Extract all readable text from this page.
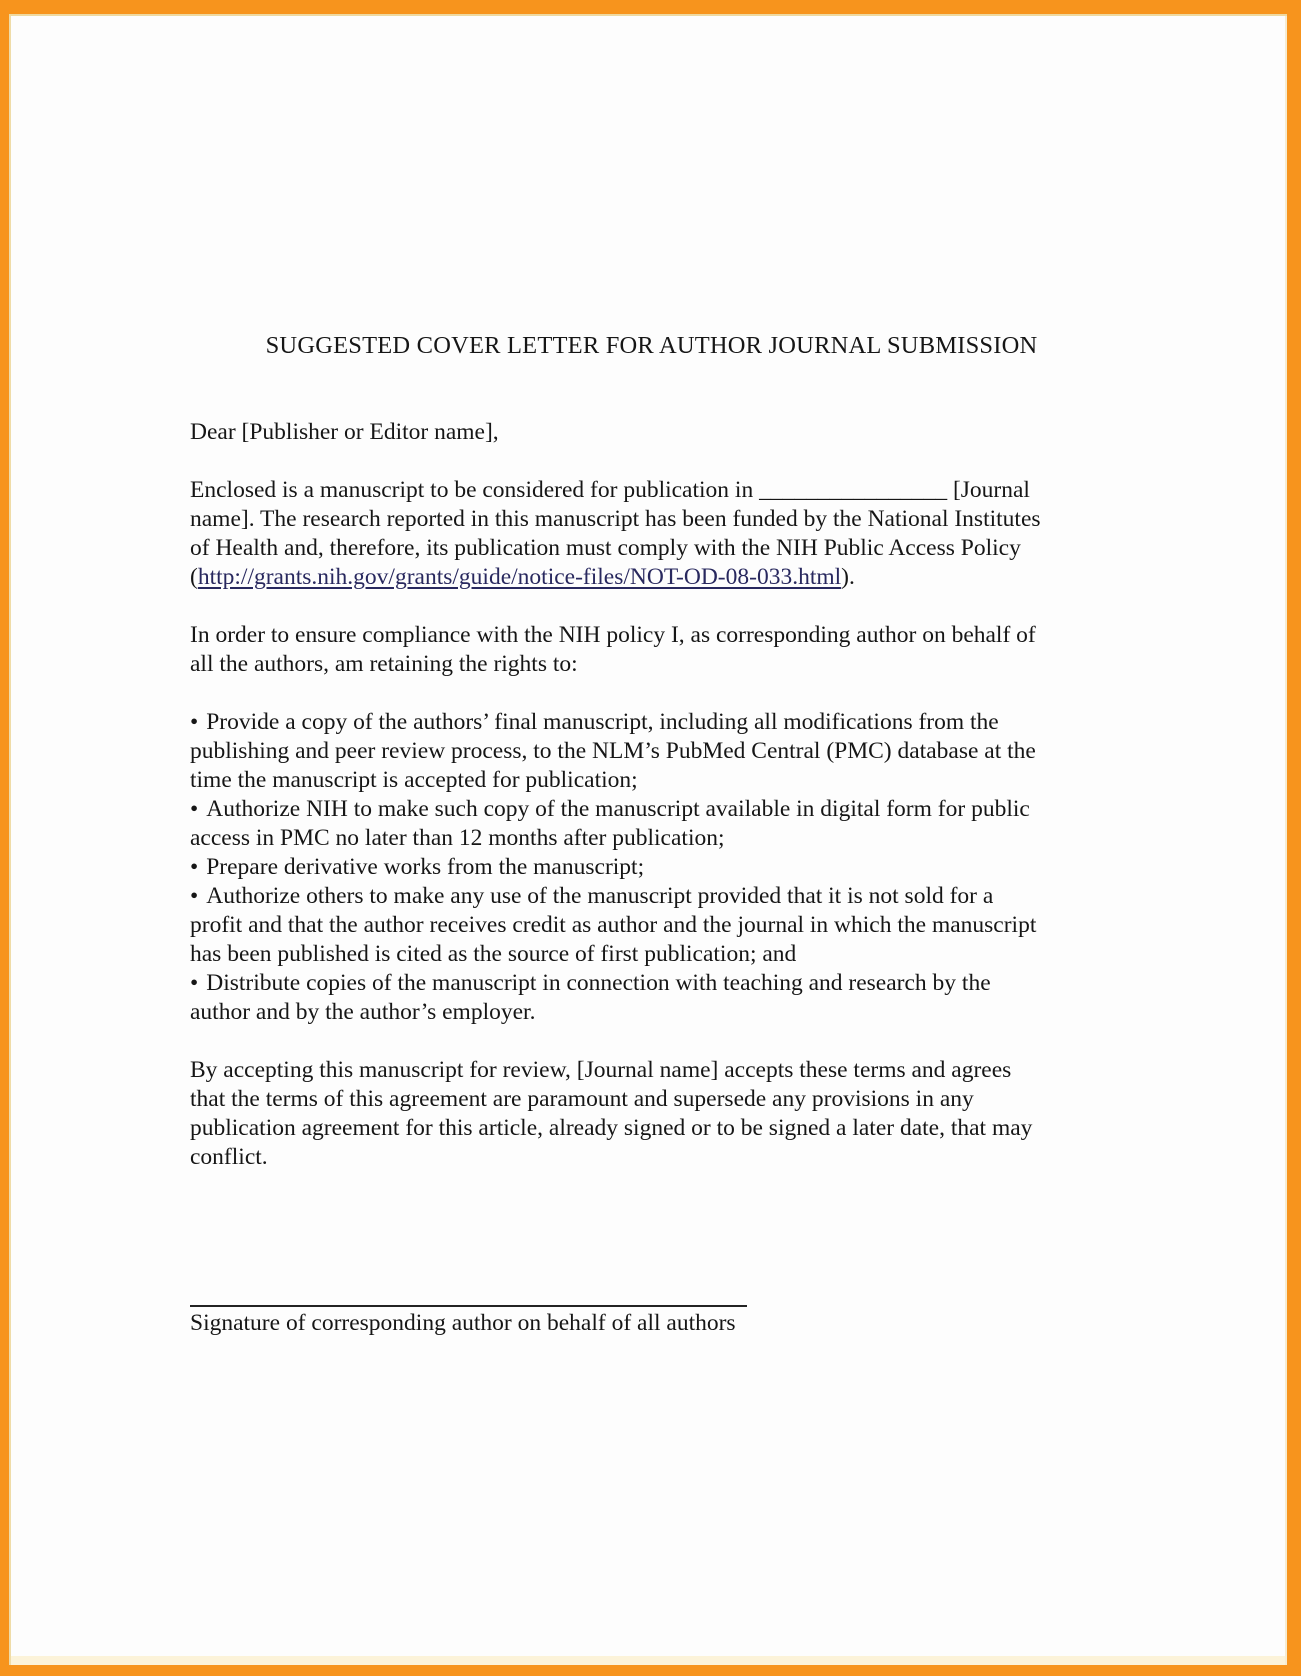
SUGGESTED COVER LETTER FOR AUTHOR JOURNAL SUBMISSION

Dear [Publisher or Editor name],

Enclosed is a manuscript to be considered for publication in ________________ [Journal name]. The research reported in this manuscript has been funded by the National Institutes of Health and, therefore, its publication must comply with the NIH Public Access Policy (http://grants.nih.gov/grants/guide/notice-files/NOT-OD-08-033.html).

In order to ensure compliance with the NIH policy I, as corresponding author on behalf of all the authors, am retaining the rights to:

• Provide a copy of the authors’ final manuscript, including all modifications from the publishing and peer review process, to the NLM’s PubMed Central (PMC) database at the time the manuscript is accepted for publication;

• Authorize NIH to make such copy of the manuscript available in digital form for public access in PMC no later than 12 months after publication;

• Prepare derivative works from the manuscript;

• Authorize others to make any use of the manuscript provided that it is not sold for a profit and that the author receives credit as author and the journal in which the manuscript has been published is cited as the source of first publication; and

• Distribute copies of the manuscript in connection with teaching and research by the author and by the author’s employer.

By accepting this manuscript for review, [Journal name] accepts these terms and agrees that the terms of this agreement are paramount and supersede any provisions in any publication agreement for this article, already signed or to be signed a later date, that may conflict.

Signature of corresponding author on behalf of all authors
